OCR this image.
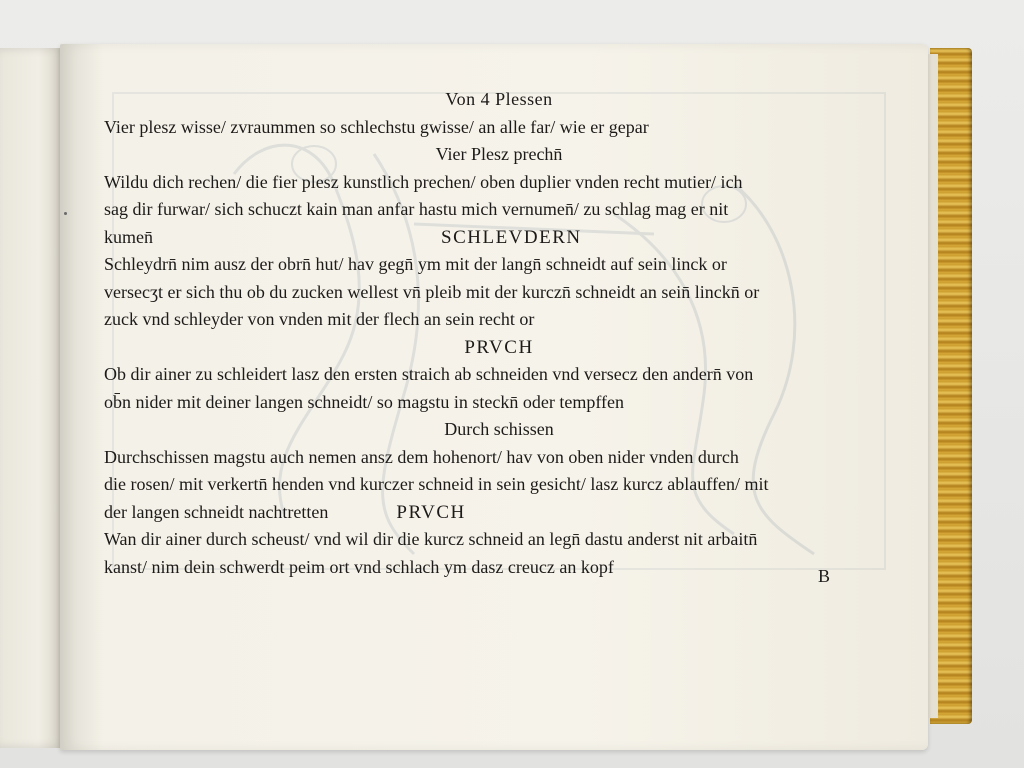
Von 4 Plessen
Vier plesz wisse/ zvraummen so schlechstu gwisse/ an alle far/ wie er gepar
Vier Plesz prechn̄
Wildu dich rechen/ die fier plesz kunstlich prechen/ oben duplier vnden recht mutier/ ich
sag dir furwar/ sich schuczt kain man anfar hastu mich vernumen̄/ zu schlag mag er nit
kumen̄	SCHLEVDERN
Schleydrn̄ nim ausz der obrn̄ hut/ hav gegn̄ ym mit der langn̄ schneidt auf sein linck or
versecʒt er sich thu ob du zucken wellest vn̄ pleib mit der kurczn̄ schneidt an sein̄ linckn̄ or
zuck vnd schleyder von vnden mit der flech an sein recht or
PRVCH
Ob dir ainer zu schleidert lasz den ersten straich ab schneiden vnd versecz den andern̄ von
ob̄n nider mit deiner langen schneidt/ so magstu in steckn̄ oder tempffen
Durch schissen
Durchschissen magstu auch nemen ansz dem hohenort/ hav von oben nider vnden durch
die rosen/ mit verkertn̄ henden vnd kurczer schneid in sein gesicht/ lasz kurcz ablauffen/ mit
der langen schneidt nachtretten	PRVCH
Wan dir ainer durch scheust/ vnd wil dir die kurcz schneid an legn̄ dastu anderst nit arbaitn̄
kanst/ nim dein schwerdt peim ort vnd schlach ym dasz creucz an kopf	B
